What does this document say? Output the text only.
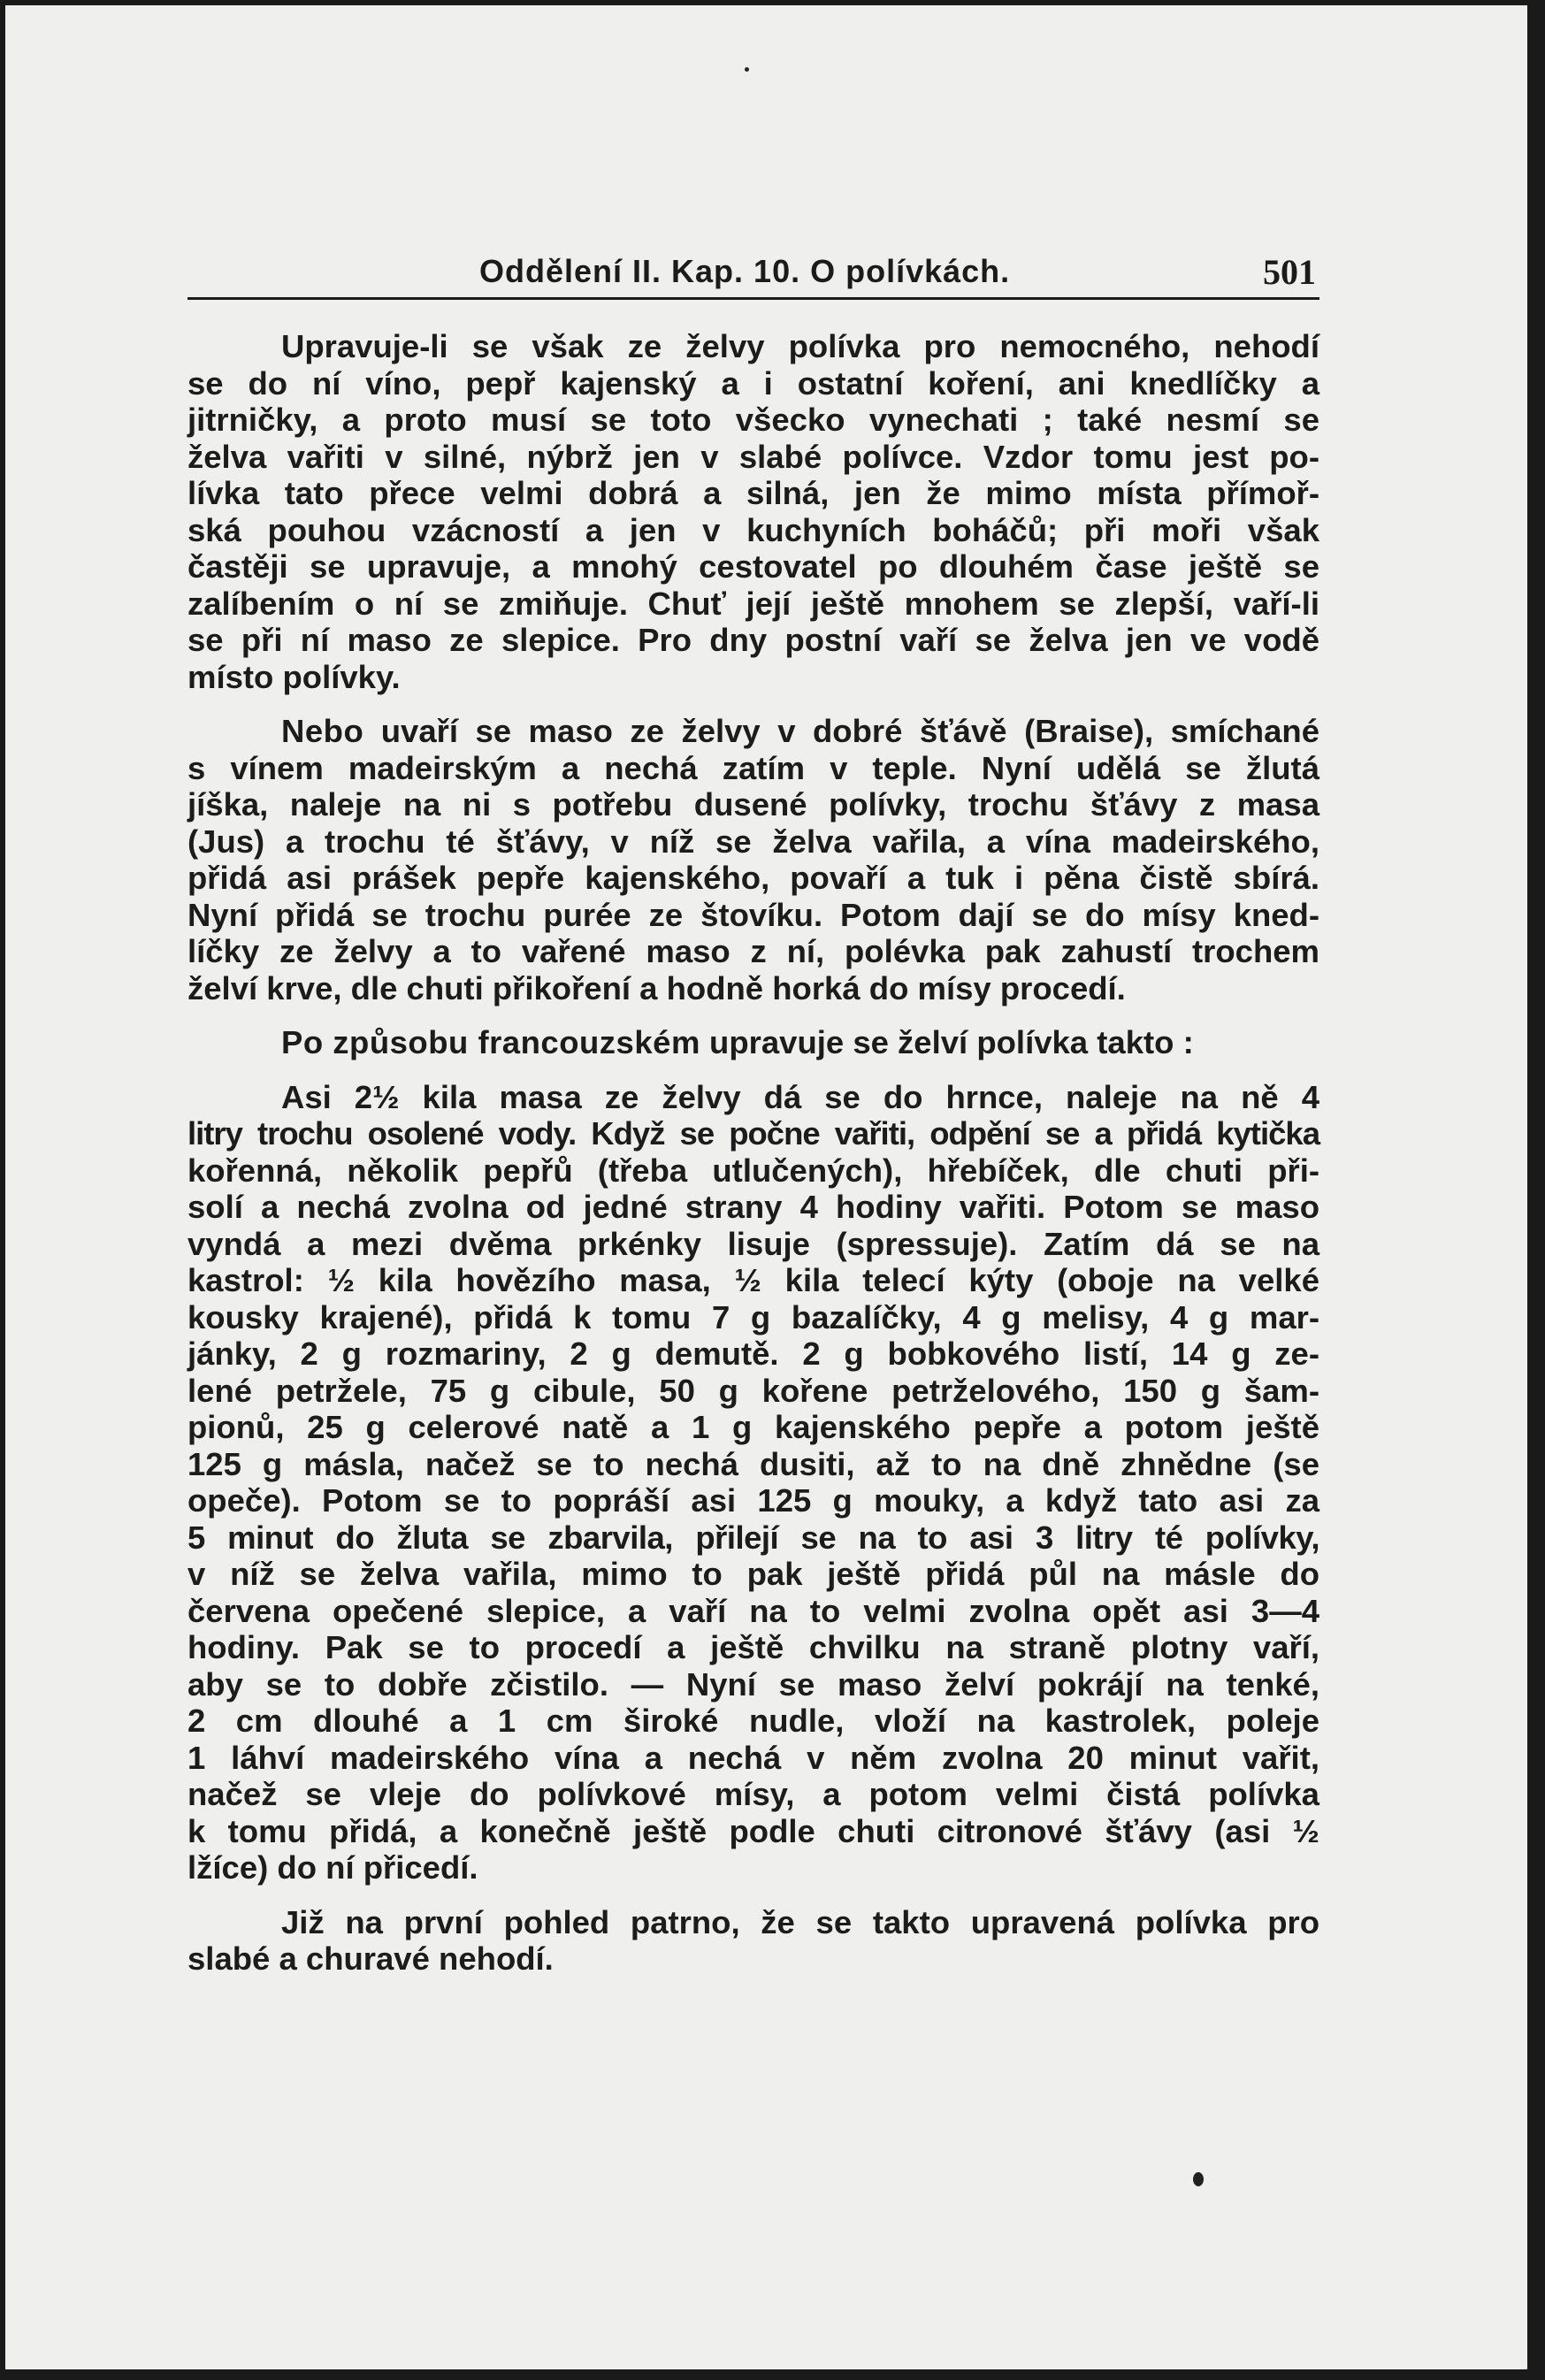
Oddělení II. Kap. 10. O polívkách.	501

Upravuje-li se však ze želvy polívka pro nemocného, nehodí
se do ní víno, pepř kajenský a i ostatní koření, ani knedlíčky a
jitrničky, a proto musí se toto všecko vynechati ; také nesmí se
želva vařiti v silné, nýbrž jen v slabé polívce. Vzdor tomu jest po-
lívka tato přece velmi dobrá a silná, jen že mimo místa přímoř-
ská pouhou vzácností a jen v kuchyních boháčů; při moři však
častěji se upravuje, a mnohý cestovatel po dlouhém čase ještě se
zalíbením o ní se zmiňuje. Chuť její ještě mnohem se zlepší, vaří-li
se při ní maso ze slepice. Pro dny postní vaří se želva jen ve vodě
místo polívky.

Nebo uvaří se maso ze želvy v dobré šťávě (Braise), smíchané
s vínem madeirským a nechá zatím v teple. Nyní udělá se žlutá
jíška, naleje na ni s potřebu dusené polívky, trochu šťávy z masa
(Jus) a trochu té šťávy, v níž se želva vařila, a vína madeirského,
přidá asi prášek pepře kajenského, povaří a tuk i pěna čistě sbírá.
Nyní přidá se trochu purée ze štovíku. Potom dají se do mísy kned-
líčky ze želvy a to vařené maso z ní, polévka pak zahustí trochem
želví krve, dle chuti přikoření a hodně horká do mísy procedí.

Po způsobu francouzském upravuje se želví polívka takto :

Asi 2½ kila masa ze želvy dá se do hrnce, naleje na ně 4
litry trochu osolené vody. Když se počne vařiti, odpění se a přidá kytička
kořenná, několik pepřů (třeba utlučených), hřebíček, dle chuti při-
solí a nechá zvolna od jedné strany 4 hodiny vařiti. Potom se maso
vyndá a mezi dvěma prkénky lisuje (spressuje). Zatím dá se na
kastrol: ½ kila hovězího masa, ½ kila telecí kýty (oboje na velké
kousky krajené), přidá k tomu 7 g bazalíčky, 4 g melisy, 4 g mar-
jánky, 2 g rozmariny, 2 g demutě. 2 g bobkového listí, 14 g ze-
lené petržele, 75 g cibule, 50 g kořene petrželového, 150 g šam-
pionů, 25 g celerové natě a 1 g kajenského pepře a potom ještě
125 g másla, načež se to nechá dusiti, až to na dně zhnědne (se
opeče). Potom se to popráší asi 125 g mouky, a když tato asi za
5 minut do žluta se zbarvila, přilejí se na to asi 3 litry té polívky,
v níž se želva vařila, mimo to pak ještě přidá půl na másle do
červena opečené slepice, a vaří na to velmi zvolna opět asi 3—4
hodiny. Pak se to procedí a ještě chvilku na straně plotny vaří,
aby se to dobře zčistilo. — Nyní se maso želví pokrájí na tenké,
2 cm dlouhé a 1 cm široké nudle, vloží na kastrolek, poleje
1 láhví madeirského vína a nechá v něm zvolna 20 minut vařit,
načež se vleje do polívkové mísy, a potom velmi čistá polívka
k tomu přidá, a konečně ještě podle chuti citronové šťávy (asi ½
lžíce) do ní přicedí.

Již na první pohled patrno, že se takto upravená polívka pro
slabé a churavé nehodí.
